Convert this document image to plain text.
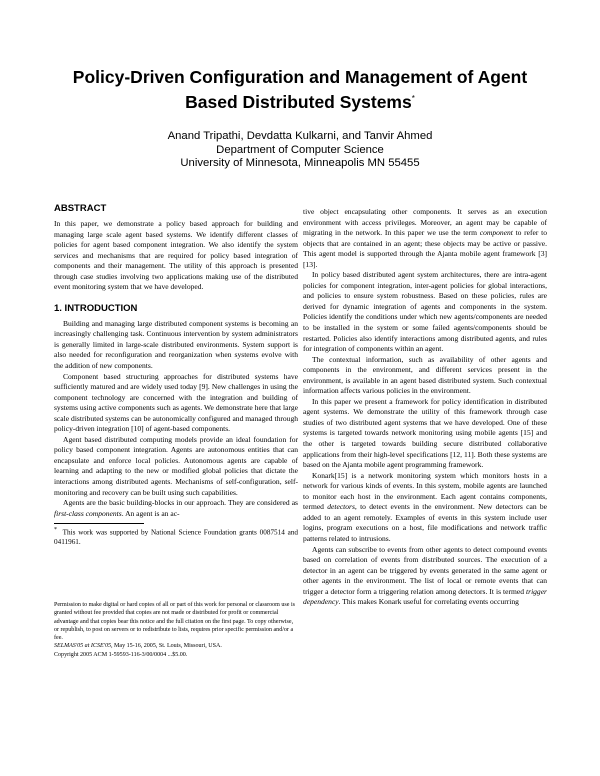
Policy-Driven Configuration and Management of Agent
Based Distributed Systems*
Anand Tripathi, Devdatta Kulkarni, and Tanvir Ahmed
Department of Computer Science
University of Minnesota, Minneapolis MN 55455
ABSTRACT

In this paper, we demonstrate a policy based approach for building and managing large scale agent based systems. We identify different classes of policies for agent based component integration. We also identify the system services and mechanisms that are required for policy based integration of components and their management. The utility of this approach is presented through case studies involving two applications making use of the distributed event monitoring system that we have developed.

1. INTRODUCTION

Building and managing large distributed component systems is becoming an increasingly challenging task. Continuous intervention by system administrators is generally limited in large-scale distributed environments. System support is also needed for reconfiguration and reorganization when systems evolve with the addition of new components.

Component based structuring approaches for distributed systems have sufficiently matured and are widely used today [9]. New challenges in using the component technology are concerned with the integration and building of systems using active components such as agents. We demonstrate here that large scale distributed systems can be autonomically configured and managed through policy-driven integration [10] of agent-based components.

Agent based distributed computing models provide an ideal foundation for policy based component integration. Agents are autonomous entities that can encapsulate and enforce local policies. Autonomous agents are capable of learning and adapting to the new or modified global policies that dictate the interactions among distributed agents. Mechanisms of self-configuration, self-monitoring and recovery can be built using such capabilities.

Agents are the basic building-blocks in our approach. They are considered as first-class components. An agent is an ac-

* This work was supported by National Science Foundation grants 0087514 and 0411961.

Permission to make digital or hard copies of all or part of this work for personal or classroom use is granted without fee provided that copies are not made or distributed for profit or commercial advantage and that copies bear this notice and the full citation on the first page. To copy otherwise, or republish, to post on servers or to redistribute to lists, requires prior specific permission and/or a fee.

SELMAS'05 at ICSE'05, May 15-16, 2005, St. Louis, Missouri, USA.

Copyright 2005 ACM 1-59593-116-3/00/0004 ...$5.00.

tive object encapsulating other components. It serves as an execution environment with access privileges. Moreover, an agent may be capable of migrating in the network. In this paper we use the term component to refer to objects that are contained in an agent; these objects may be active or passive. This agent model is supported through the Ajanta mobile agent framework [3] [13].

In policy based distributed agent system architectures, there are intra-agent policies for component integration, inter-agent policies for global interactions, and policies to ensure system robustness. Based on these policies, rules are derived for dynamic integration of agents and components in the system. Policies identify the conditions under which new agents/components are needed to be installed in the system or some failed agents/components should be restarted. Policies also identify interactions among distributed agents, and rules for integration of components within an agent.

The contextual information, such as availability of other agents and components in the environment, and different services present in the environment, is available in an agent based distributed system. Such contextual information affects various policies in the environment.

In this paper we present a framework for policy identification in distributed agent systems. We demonstrate the utility of this framework through case studies of two distributed agent systems that we have developed. One of these systems is targeted towards network monitoring using mobile agents [15] and the other is targeted towards building secure distributed collaborative applications from their high-level specifications [12, 11]. Both these systems are based on the Ajanta mobile agent programming framework.

Konark[15] is a network monitoring system which monitors hosts in a network for various kinds of events. In this system, mobile agents are launched to monitor each host in the environment. Each agent contains components, termed detectors, to detect events in the environment. New detectors can be added to an agent remotely. Examples of events in this system include user logins, program executions on a host, file modifications and network traffic patterns related to intrusions.

Agents can subscribe to events from other agents to detect compound events based on correlation of events from distributed sources. The execution of a detector in an agent can be triggered by events generated in the same agent or other agents in the environment. The list of local or remote events that can trigger a detector form a triggering relation among detectors. It is termed trigger dependency. This makes Konark useful for correlating events occurring
